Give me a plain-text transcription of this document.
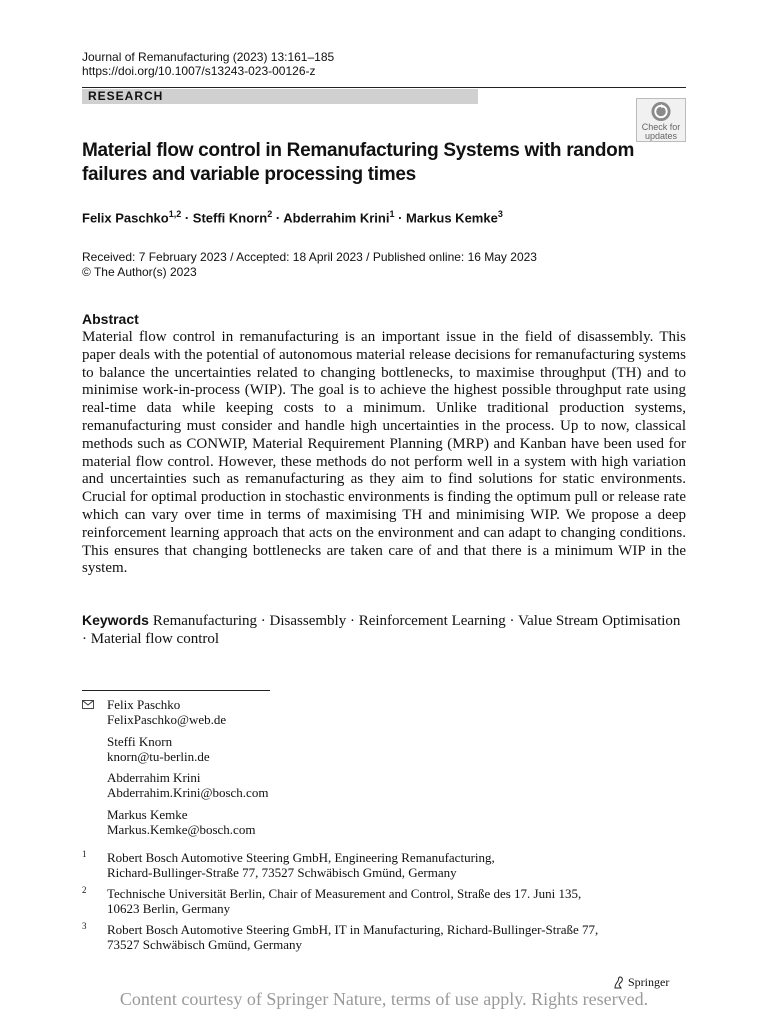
Journal of Remanufacturing (2023) 13:161–185
https://doi.org/10.1007/s13243-023-00126-z
RESEARCH
Check for updates
Material flow control in Remanufacturing Systems with random failures and variable processing times
Felix Paschko$^{1,2}$ · Steffi Knorn$^2$ · Abderrahim Krini$^1$ · Markus Kemke$^3$
Received: 7 February 2023 / Accepted: 18 April 2023 / Published online: 16 May 2023
© The Author(s) 2023
Abstract
Material flow control in remanufacturing is an important issue in the field of disassembly. This paper deals with the potential of autonomous material release decisions for remanufacturing systems to balance the uncertainties related to changing bottlenecks, to maximise throughput (TH) and to minimise work-in-process (WIP). The goal is to achieve the highest possible throughput rate using real-time data while keeping costs to a minimum. Unlike traditional production systems, remanufacturing must consider and handle high uncertainties in the process. Up to now, classical methods such as CONWIP, Material Requirement Planning (MRP) and Kanban have been used for material flow control. However, these methods do not perform well in a system with high variation and uncertainties such as remanufacturing as they aim to find solutions for static environments. Crucial for optimal production in stochastic environments is finding the optimum pull or release rate which can vary over time in terms of maximising TH and minimising WIP. We propose a deep reinforcement learning approach that acts on the environment and can adapt to changing conditions. This ensures that changing bottlenecks are taken care of and that there is a minimum WIP in the system.
Keywords Remanufacturing · Disassembly · Reinforcement Learning · Value Stream Optimisation · Material flow control
Felix Paschko
FelixPaschko@web.de
Steffi Knorn
knorn@tu-berlin.de
Abderrahim Krini
Abderrahim.Krini@bosch.com
Markus Kemke
Markus.Kemke@bosch.com
1 Robert Bosch Automotive Steering GmbH, Engineering Remanufacturing,
Richard-Bullinger-Straße 77, 73527 Schwäbisch Gmünd, Germany
2 Technische Universität Berlin, Chair of Measurement and Control, Straße des 17. Juni 135,
10623 Berlin, Germany
3 Robert Bosch Automotive Steering GmbH, IT in Manufacturing, Richard-Bullinger-Straße 77,
73527 Schwäbisch Gmünd, Germany
Springer
Content courtesy of Springer Nature, terms of use apply. Rights reserved.
